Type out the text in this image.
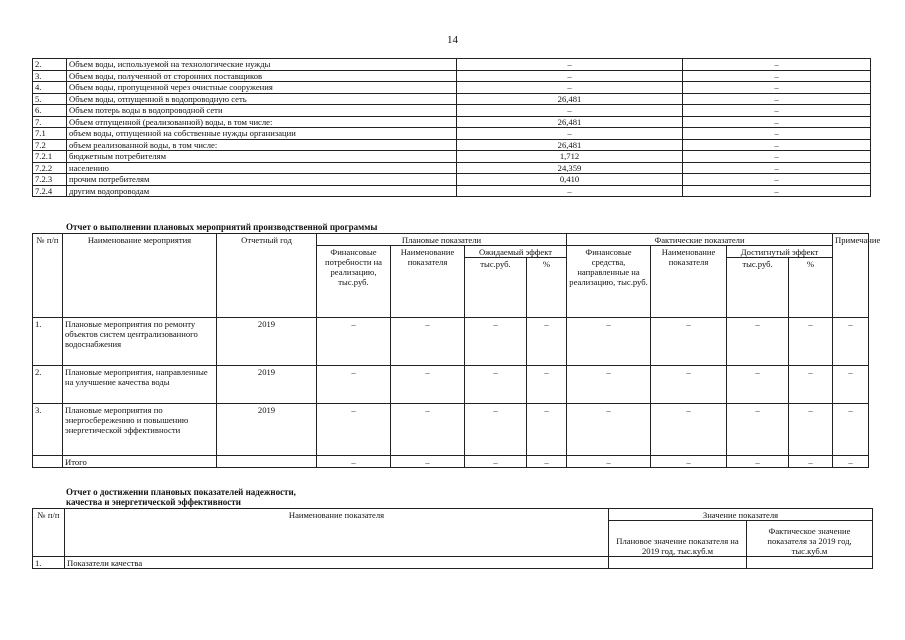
14
2.	Объем воды, используемой на технологические нужды	–	–
3.	Объем воды, полученной от сторонних поставщиков	–	–
4.	Объем воды, пропущенной через очистные сооружения	–	–
5.	Объем воды, отпущенной в водопроводную сеть	26,481	–
6.	Объем потерь воды в водопроводной сети	–	–
7.	Объем отпущенной (реализованной) воды, в том числе:	26,481	–
7.1	объем воды, отпущенной на собственные нужды организации	–	–
7.2	объем реализованной воды, в том числе:	26,481	–
7.2.1	бюджетным потребителям	1,712	–
7.2.2	населению	24,359	–
7.2.3	прочим потребителям	0,410	–
7.2.4	другим водопроводам	–	–
Отчет о выполнении плановых мероприятий производственной программы
№ п/п	Наименование мероприятия	Отчетный год	Плановые показатели				Фактические показатели				Примечание
			Финансовые потребности на реализацию, тыс.руб.	Наименование показателя	Ожидаемый эффект		Финансовые средства, направленные на реализацию, тыс.руб.	Наименование показателя	Достигнутый эффект		
					тыс.руб.	%			тыс.руб.	%	
1.	Плановые мероприятия по ремонту объектов систем централизованного водоснабжения	2019	–	–	–	–	–	–	–	–	–
2.	Плановые мероприятия, направленные на улучшение качества воды	2019	–	–	–	–	–	–	–	–	–
3.	Плановые мероприятия по энергосбережению и повышению энергетической эффективности	2019	–	–	–	–	–	–	–	–	–
	Итого		–	–	–	–	–	–	–	–	–
Отчет о достижении плановых показателей надежности,
качества и энергетической эффективности
№ п/п	Наименование показателя	Значение показателя	
		Плановое значение показателя на 2019 год, тыс.куб.м	Фактическое значение показателя за 2019 год, тыс.куб.м
1.	Показатели качества		
